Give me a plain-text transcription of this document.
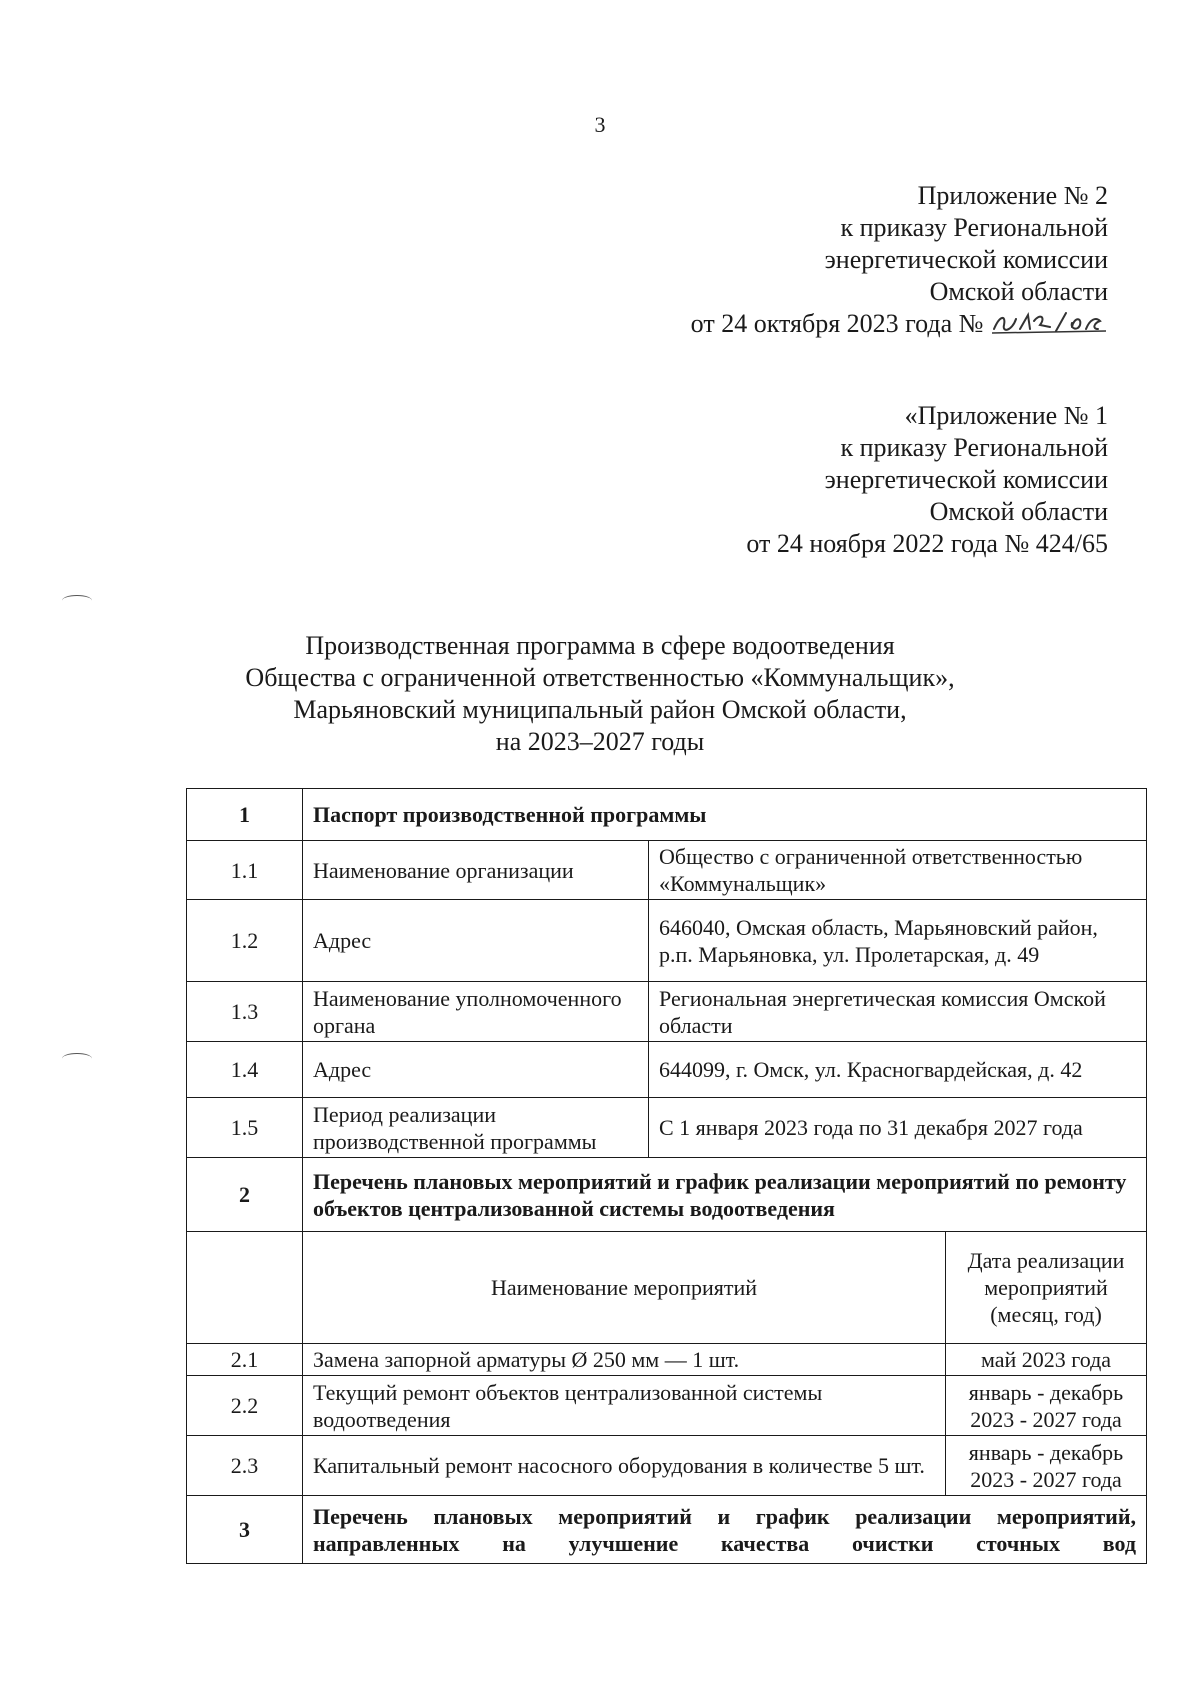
3
Приложение № 2
к приказу Региональной
энергетической комиссии
Омской области
от 24 октября 2023 года №
«Приложение № 1
к приказу Региональной
энергетической комиссии
Омской области
от 24 ноября 2022 года № 424/65
Производственная программа в сфере водоотведения
Общества с ограниченной ответственностью «Коммунальщик»,
Марьяновский муниципальный район Омской области,
на 2023–2027 годы
1	Паспорт производственной программы		
1.1	Наименование организации	Общество с ограниченной ответственностью «Коммунальщик»	
1.2	Адрес	646040, Омская область, Марьяновский район, р.п. Марьяновка, ул. Пролетарская, д. 49	
1.3	Наименование уполномоченного органа	Региональная энергетическая комиссия Омской области	
1.4	Адрес	644099, г. Омск, ул. Красногвардейская, д. 42	
1.5	Период реализации производственной программы	С 1 января 2023 года по 31 декабря 2027 года	
2	Перечень плановых мероприятий и график реализации мероприятий по ремонту объектов централизованной системы водоотведения		
	Наименование мероприятий		Дата реализации мероприятий (месяц, год)
2.1	Замена запорной арматуры Ø 250 мм — 1 шт.		май 2023 года
2.2	Текущий ремонт объектов централизованной системы водоотведения		январь - декабрь 2023 - 2027 года
2.3	Капитальный ремонт насосного оборудования в количестве 5 шт.		январь - декабрь 2023 - 2027 года
3	Перечень плановых мероприятий и график реализации мероприятий, направленных на улучшение качества очистки сточных вод		
